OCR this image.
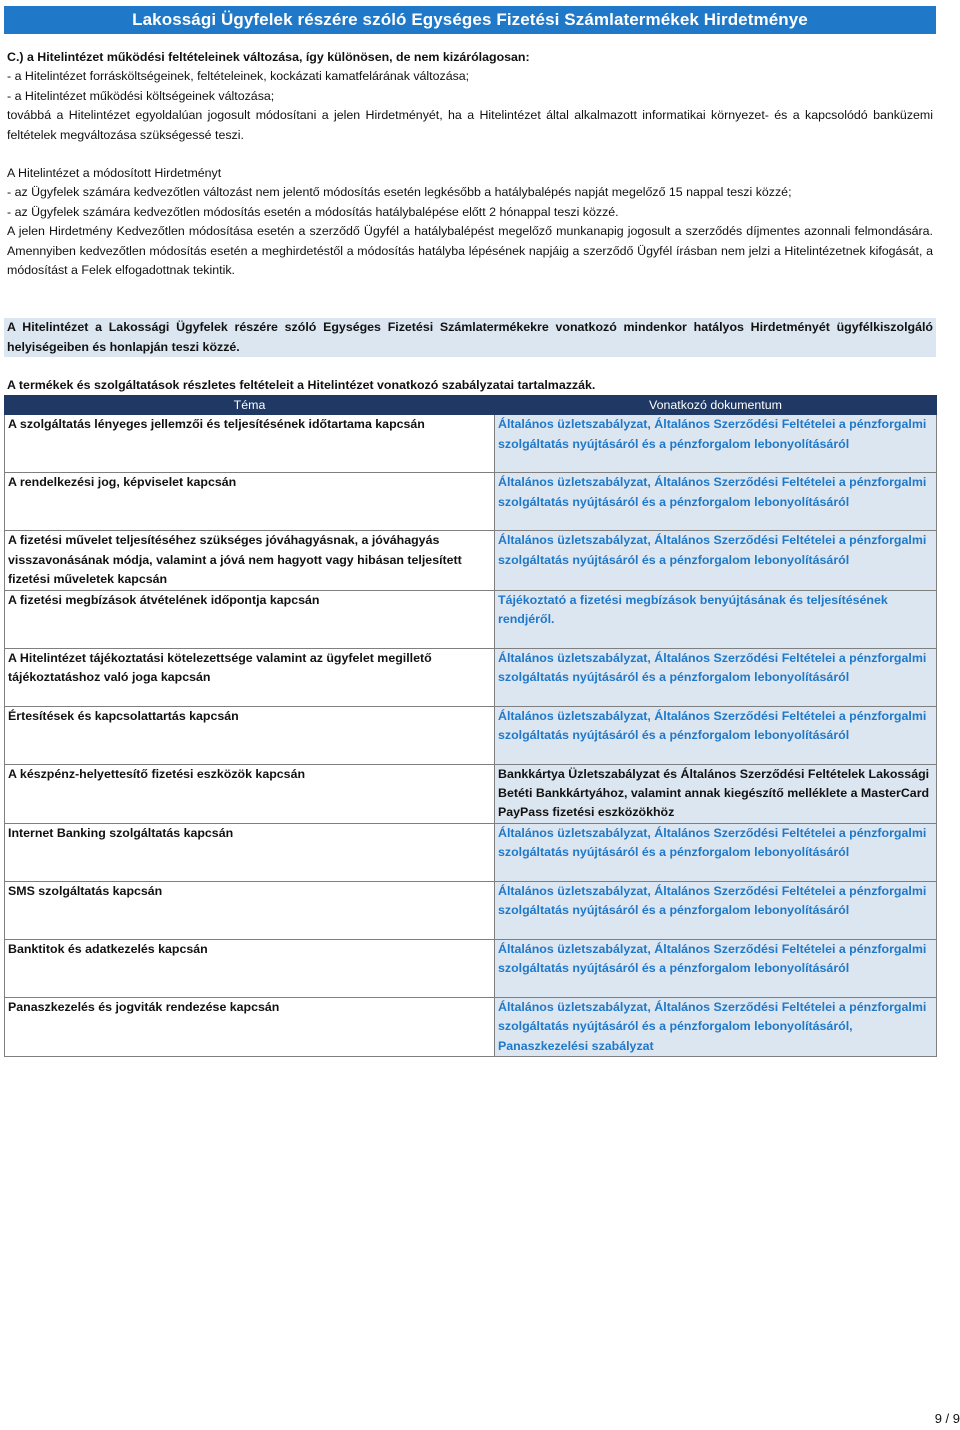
Lakossági Ügyfelek részére szóló Egységes Fizetési Számlatermékek Hirdetménye

C.) a Hitelintézet működési feltételeinek változása, így különösen, de nem kizárólagosan:

- a Hitelintézet forrásköltségeinek, feltételeinek, kockázati kamatfelárának változása;

- a Hitelintézet működési költségeinek változása;

továbbá a Hitelintézet egyoldalúan jogosult módosítani a jelen Hirdetményét, ha a Hitelintézet által alkalmazott informatikai környezet- és a kapcsolódó banküzemi feltételek megváltozása szükségessé teszi.

A Hitelintézet a módosított Hirdetményt

- az Ügyfelek számára kedvezőtlen változást nem jelentő módosítás esetén legkésőbb a hatálybalépés napját megelőző 15 nappal teszi közzé;

- az Ügyfelek számára kedvezőtlen módosítás esetén a módosítás hatálybalépése előtt 2 hónappal teszi közzé.

A jelen Hirdetmény Kedvezőtlen módosítása esetén a szerződő Ügyfél a hatálybalépést megelőző munkanapig jogosult a szerződés díjmentes azonnali felmondására. Amennyiben kedvezőtlen módosítás esetén a meghirdetéstől a módosítás hatályba lépésének napjáig a szerződő Ügyfél írásban nem jelzi a Hitelintézetnek kifogását, a módosítást a Felek elfogadottnak tekintik.

A Hitelintézet a Lakossági Ügyfelek részére szóló Egységes Fizetési Számlatermékekre vonatkozó mindenkor hatályos Hirdetményét ügyfélkiszolgáló helyiségeiben és honlapján teszi közzé.
A termékek és szolgáltatások részletes feltételeit a Hitelintézet vonatkozó szabályzatai tartalmazzák.
Téma	Vonatkozó dokumentum
A szolgáltatás lényeges jellemzői és teljesítésének időtartama kapcsán	Általános üzletszabályzat, Általános Szerződési Feltételei a pénzforgalmi szolgáltatás nyújtásáról és a pénzforgalom lebonyolításáról
A rendelkezési jog, képviselet kapcsán	Általános üzletszabályzat, Általános Szerződési Feltételei a pénzforgalmi szolgáltatás nyújtásáról és a pénzforgalom lebonyolításáról
A fizetési művelet teljesítéséhez szükséges jóváhagyásnak, a jóváhagyás visszavonásának módja, valamint a jóvá nem hagyott vagy hibásan teljesített fizetési műveletek kapcsán	Általános üzletszabályzat, Általános Szerződési Feltételei a pénzforgalmi szolgáltatás nyújtásáról és a pénzforgalom lebonyolításáról
A fizetési megbízások átvételének időpontja kapcsán	Tájékoztató a fizetési megbízások benyújtásának és teljesítésének rendjéről.
A Hitelintézet tájékoztatási kötelezettsége valamint az ügyfelet megillető tájékoztatáshoz való joga kapcsán	Általános üzletszabályzat, Általános Szerződési Feltételei a pénzforgalmi szolgáltatás nyújtásáról és a pénzforgalom lebonyolításáról
Értesítések és kapcsolattartás kapcsán	Általános üzletszabályzat, Általános Szerződési Feltételei a pénzforgalmi szolgáltatás nyújtásáról és a pénzforgalom lebonyolításáról
A készpénz-helyettesítő fizetési eszközök kapcsán	Bankkártya Üzletszabályzat és Általános Szerződési Feltételek Lakossági Betéti Bankkártyához, valamint annak kiegészítő melléklete a MasterCard PayPass fizetési eszközökhöz
Internet Banking szolgáltatás kapcsán	Általános üzletszabályzat, Általános Szerződési Feltételei a pénzforgalmi szolgáltatás nyújtásáról és a pénzforgalom lebonyolításáról
SMS szolgáltatás kapcsán	Általános üzletszabályzat, Általános Szerződési Feltételei a pénzforgalmi szolgáltatás nyújtásáról és a pénzforgalom lebonyolításáról
Banktitok és adatkezelés kapcsán	Általános üzletszabályzat, Általános Szerződési Feltételei a pénzforgalmi szolgáltatás nyújtásáról és a pénzforgalom lebonyolításáról
Panaszkezelés és jogviták rendezése kapcsán	Általános üzletszabályzat, Általános Szerződési Feltételei a pénzforgalmi szolgáltatás nyújtásáról és a pénzforgalom lebonyolításáról, Panaszkezelési szabályzat
9 / 9
